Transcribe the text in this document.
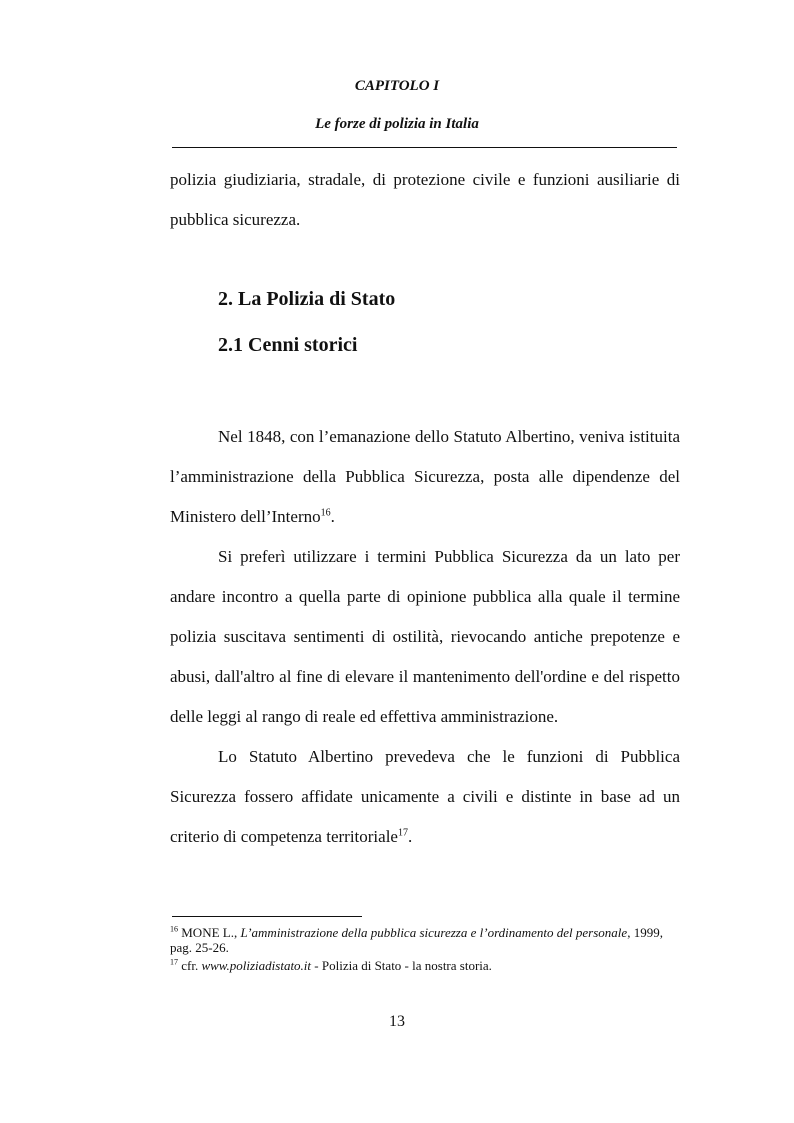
CAPITOLO I
Le forze di polizia in Italia

polizia giudiziaria, stradale, di protezione civile e funzioni ausiliarie di pubblica sicurezza.

2. La Polizia di Stato
2.1 Cenni storici

Nel 1848, con l’emanazione dello Statuto Albertino, veniva istituita l’amministrazione della Pubblica Sicurezza, posta alle dipendenze del Ministero dell’Interno$^{16}$.

Si preferì utilizzare i termini Pubblica Sicurezza da un lato per andare incontro a quella parte di opinione pubblica alla quale il termine polizia suscitava sentimenti di ostilità, rievocando antiche prepotenze e abusi, dall'altro al fine di elevare il mantenimento dell'ordine e del rispetto delle leggi al rango di reale ed effettiva amministrazione.

Lo Statuto Albertino prevedeva che le funzioni di Pubblica Sicurezza fossero affidate unicamente a civili e distinte in base ad un criterio di competenza territoriale$^{17}$.

$^{16}$ MONE L., L’amministrazione della pubblica sicurezza e l’ordinamento del personale, 1999, pag. 25-26.

$^{17}$ cfr. www.poliziadistato.it - Polizia di Stato - la nostra storia.

13
